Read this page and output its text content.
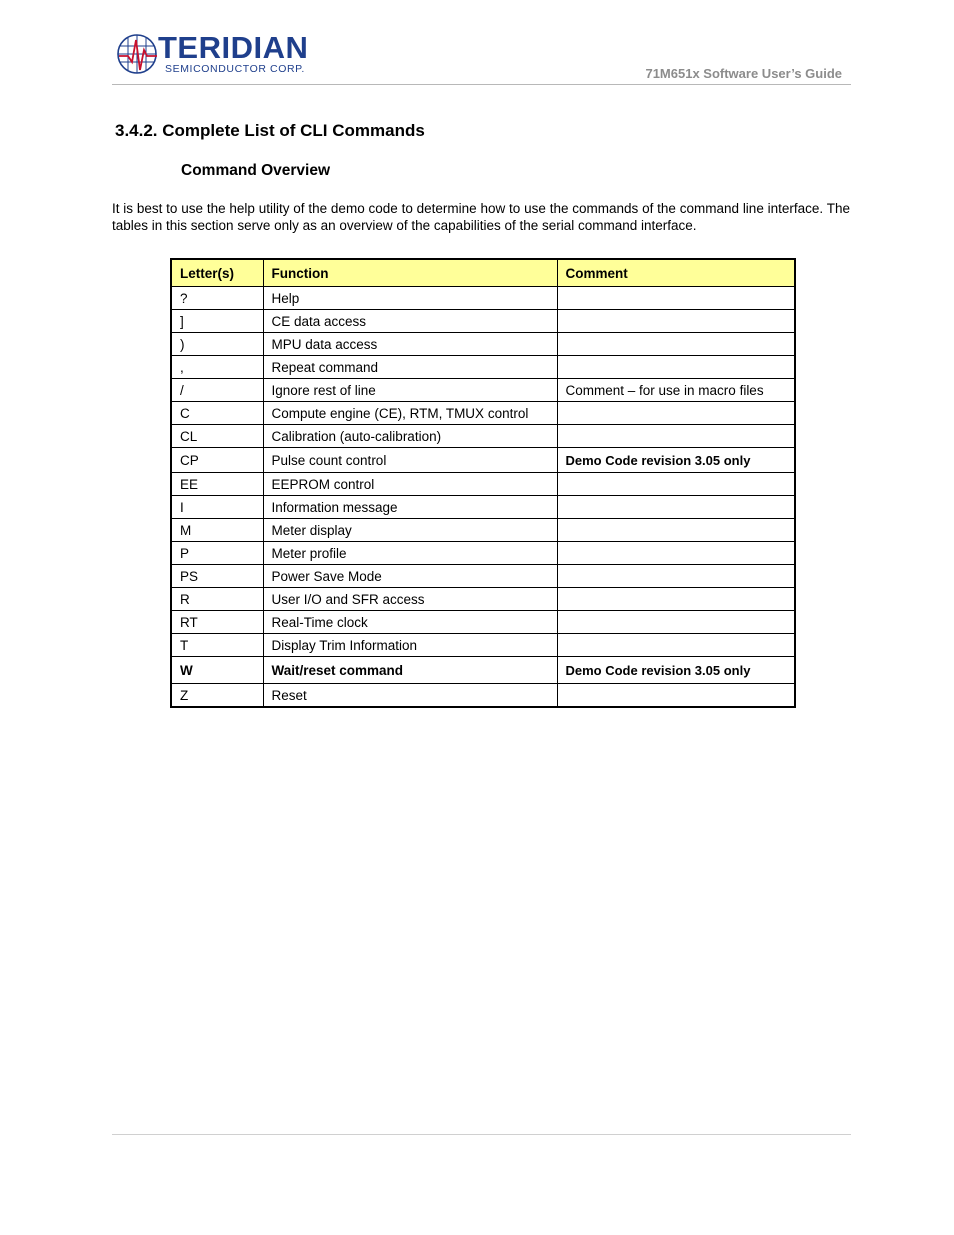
TERIDIAN
SEMICONDUCTOR CORP.	71M651x Software User’s Guide
3.4.2. Complete List of CLI Commands
Command Overview

It is best to use the help utility of the demo code to determine how to use the commands of the command line interface. The tables in this section serve only as an overview of the capabilities of the serial command interface.

Letter(s)	Function	Comment
?	Help	
]	CE data access	
)	MPU data access	
,	Repeat command	
/	Ignore rest of line	Comment – for use in macro files
C	Compute engine (CE), RTM, TMUX control	
CL	Calibration (auto-calibration)	
CP	Pulse count control	Demo Code revision 3.05 only
EE	EEPROM control	
I	Information message	
M	Meter display	
P	Meter profile	
PS	Power Save Mode	
R	User I/O and SFR access	
RT	Real-Time clock	
T	Display Trim Information	
W	Wait/reset command	Demo Code revision 3.05 only
Z	Reset	
